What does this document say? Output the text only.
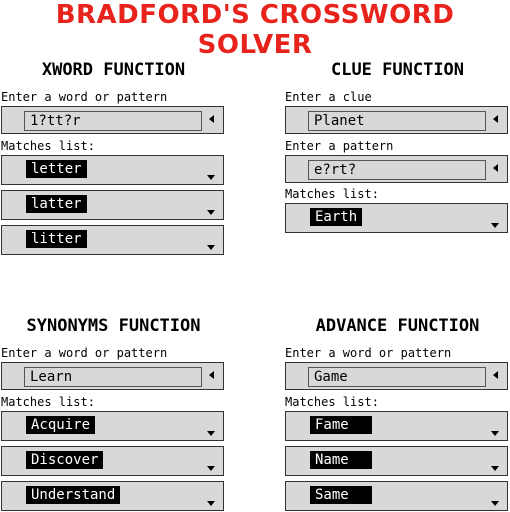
BRADFORD'S CROSSWORD SOLVER
XWORD FUNCTION
Enter a word or pattern
1?tt?r
Matches list:
letter
latter
litter
CLUE FUNCTION
Enter a clue
Planet
Enter a pattern
e?rt?
Matches list:
Earth
SYNONYMS FUNCTION
Enter a word or pattern
Learn
Matches list:
Acquire
Discover
Understand
ADVANCE FUNCTION
Enter a word or pattern
Game
Matches list:
Fame
Name
Same
